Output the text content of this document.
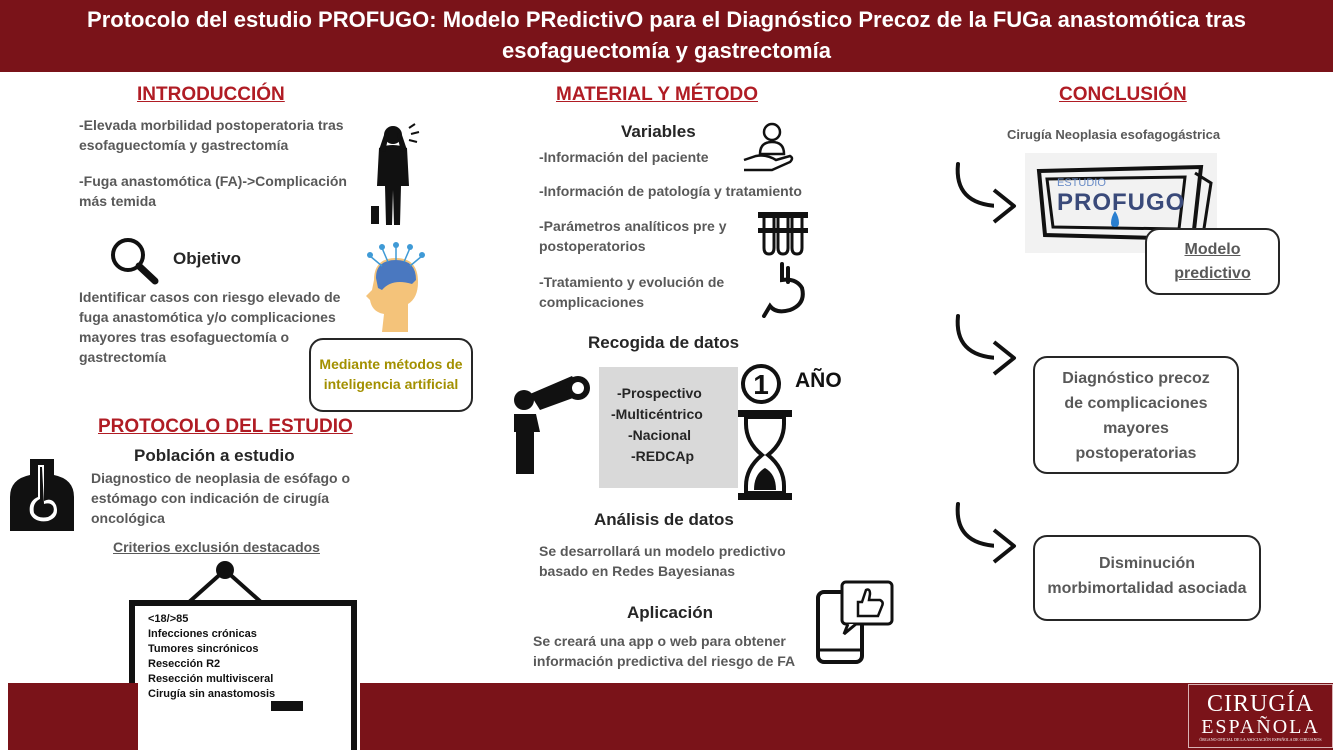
Protocolo del estudio PROFUGO: Modelo PRedictivO para el Diagnóstico Precoz de la FUGa anastomótica tras
esofaguectomía y gastrectomía
INTRODUCCIÓN
-Elevada morbilidad postoperatoria tras esofaguectomía y gastrectomía
-Fuga anastomótica (FA)->Complicación más temida
Objetivo
Identificar casos con riesgo elevado de fuga anastomótica y/o complicaciones mayores tras esofaguectomía o gastrectomía	Mediante métodos de inteligencia artificial
PROTOCOLO DEL ESTUDIO
Población a estudio
Diagnostico de neoplasia de esófago o estómago con indicación de cirugía oncológica
Criterios exclusión destacados
<18/>85
Infecciones crónicas
Tumores sincrónicos
Resección R2
Resección multivisceral
Cirugía sin anastomosis
MATERIAL Y MÉTODO
Variables
-Información del paciente
-Información de patología y tratamiento
-Parámetros analíticos pre y postoperatorios
-Tratamiento y evolución de complicaciones
Recogida de datos
-Prospectivo
-Multicéntrico
-Nacional
-REDCAp
1	AÑO
Análisis de datos
Se desarrollará un modelo predictivo basado en Redes Bayesianas
Aplicación
Se creará una app o web para obtener información predictiva del riesgo de FA
CONCLUSIÓN
Cirugía Neoplasia esofagogástrica
ESTUDIO
PROFUGO
Modelo predictivo
Diagnóstico precoz de complicaciones mayores postoperatorias
Disminución morbimortalidad asociada
CIRUGÍA
ESPAÑOLA
ÓRGANO OFICIAL DE LA ASOCIACIÓN ESPAÑOLA DE CIRUJANOS
